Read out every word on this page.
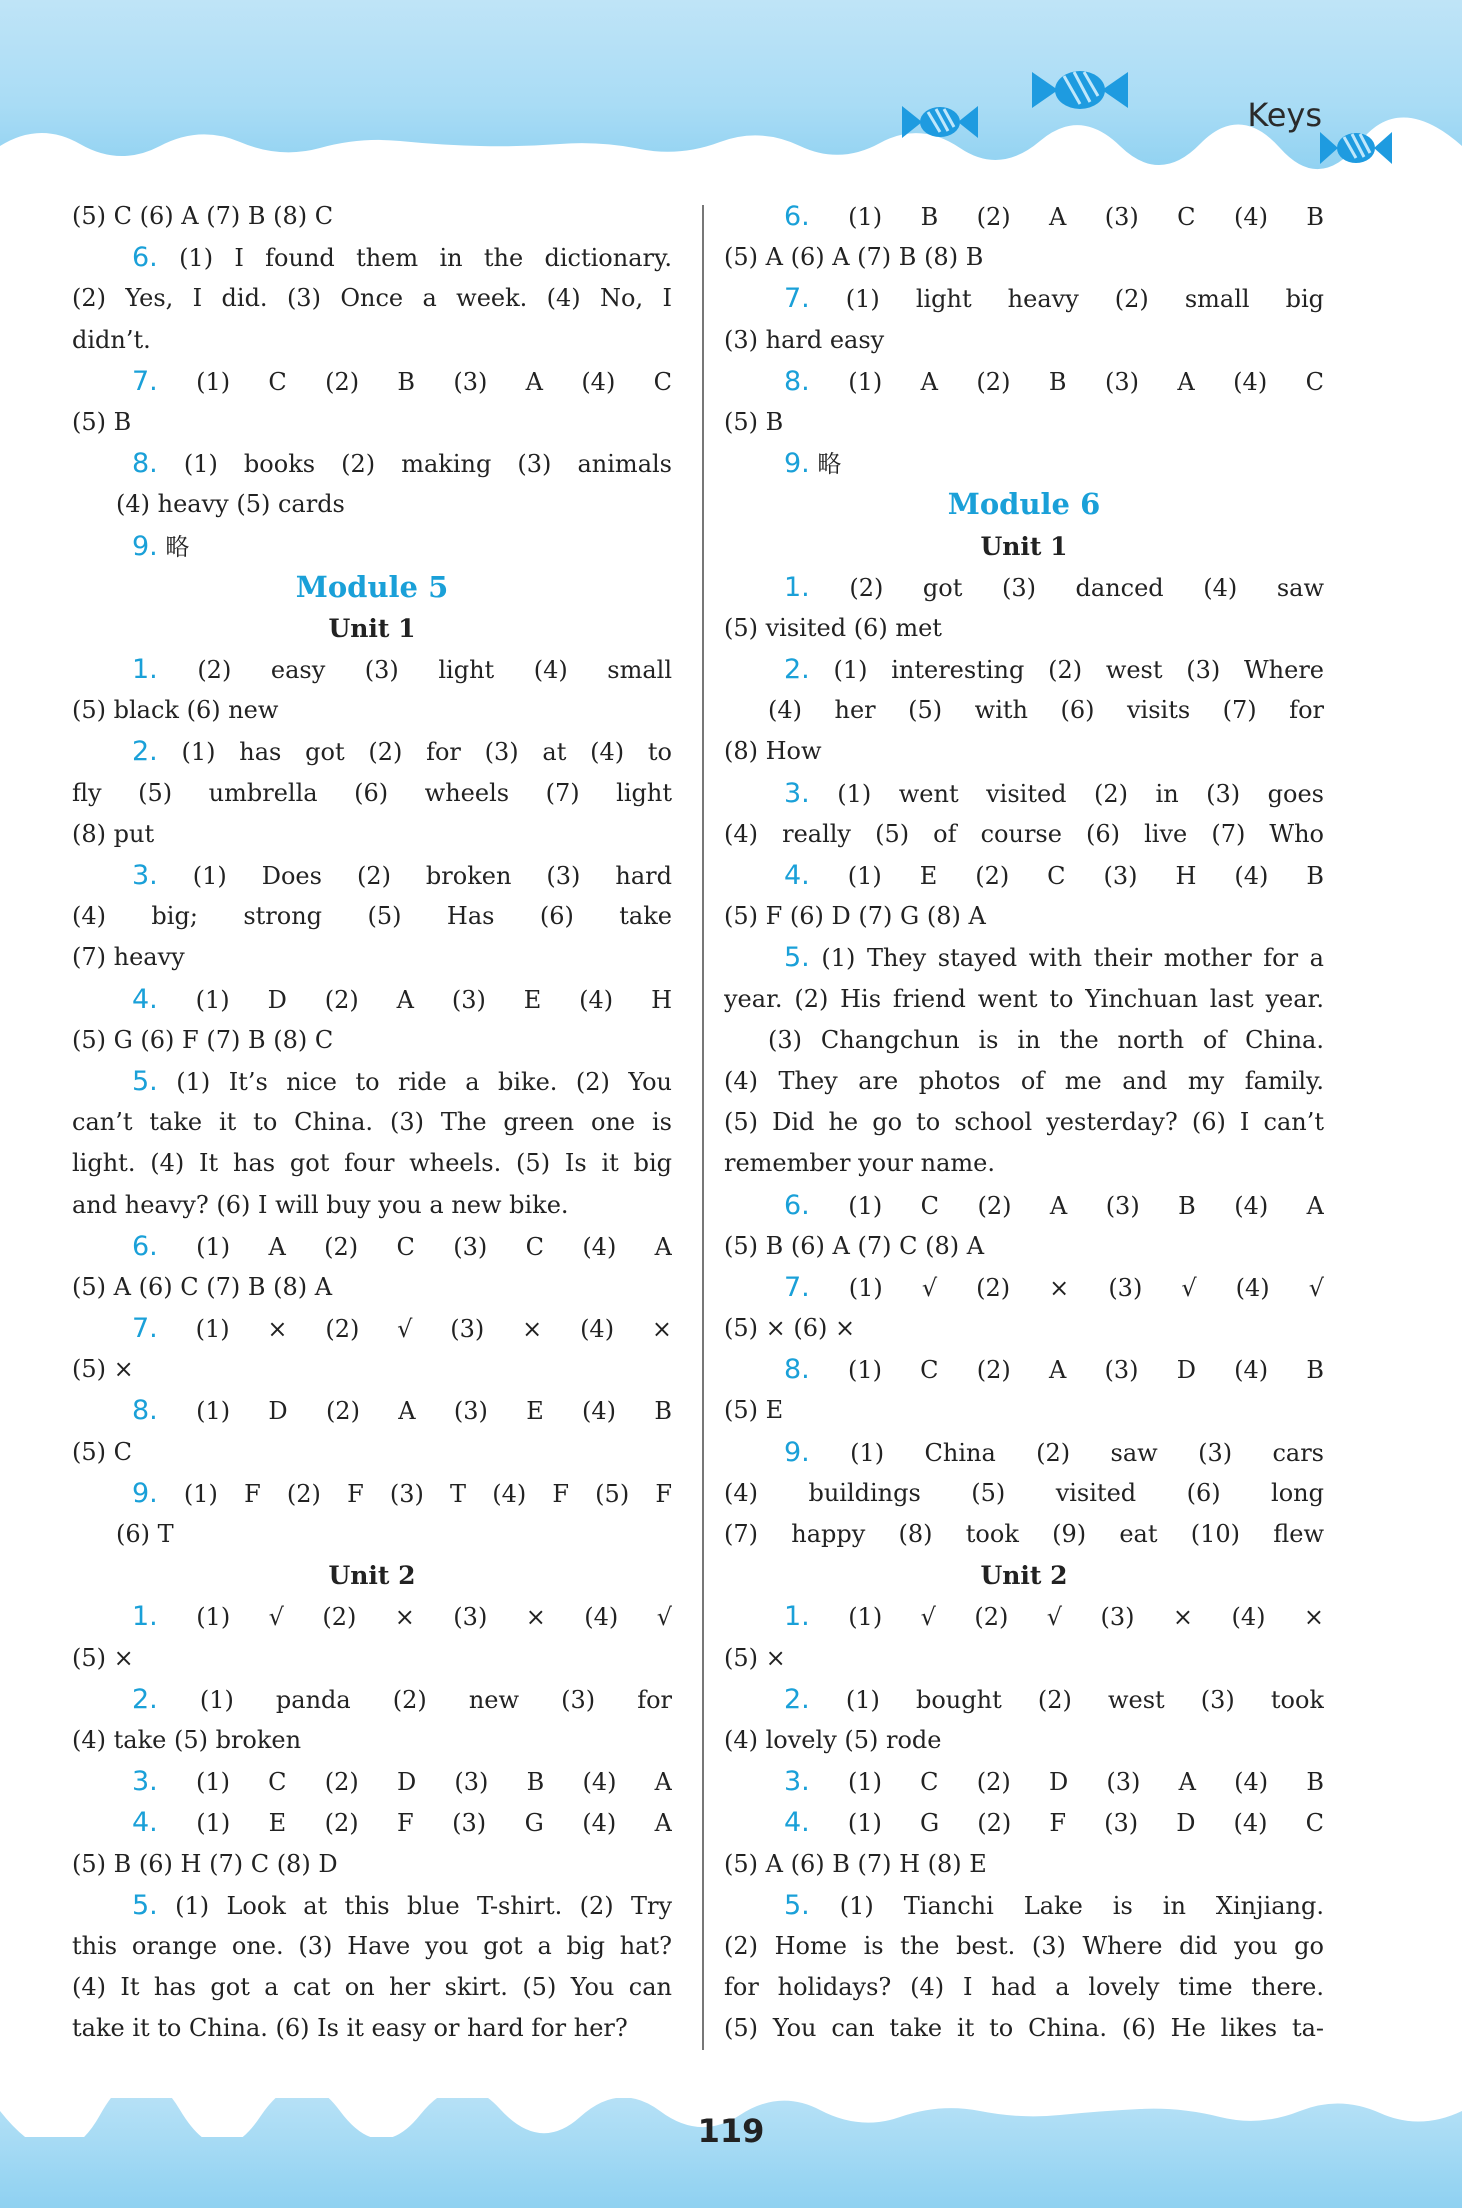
Keys
(5) C (6) A (7) B (8) C
6. (1) I found them in the dictionary.
(2) Yes, I did. (3) Once a week. (4) No, I
didn’t.
7. (1) C (2) B (3) A (4) C
(5) B
8. (1) books (2) making (3) animals
(4) heavy (5) cards
9. 略
Module 5
Unit 1
1. (2) easy (3) light (4) small
(5) black (6) new
2. (1) has got (2) for (3) at (4) to
fly (5) umbrella (6) wheels (7) light
(8) put
3. (1) Does (2) broken (3) hard
(4) big; strong (5) Has (6) take
(7) heavy
4. (1) D (2) A (3) E (4) H
(5) G (6) F (7) B (8) C
5. (1) It’s nice to ride a bike. (2) You
can’t take it to China. (3) The green one is
light. (4) It has got four wheels. (5) Is it big
and heavy? (6) I will buy you a new bike.
6. (1) A (2) C (3) C (4) A
(5) A (6) C (7) B (8) A
7. (1) × (2) √ (3) × (4) ×
(5) ×
8. (1) D (2) A (3) E (4) B
(5) C
9. (1) F (2) F (3) T (4) F (5) F
(6) T
Unit 2
1. (1) √ (2) × (3) × (4) √
(5) ×
2. (1) panda (2) new (3) for
(4) take (5) broken
3. (1) C (2) D (3) B (4) A
4. (1) E (2) F (3) G (4) A
(5) B (6) H (7) C (8) D
5. (1) Look at this blue T-shirt. (2) Try
this orange one. (3) Have you got a big hat?
(4) It has got a cat on her skirt. (5) You can
take it to China. (6) Is it easy or hard for her?
6. (1) B (2) A (3) C (4) B
(5) A (6) A (7) B (8) B
7. (1) light heavy (2) small big
(3) hard easy
8. (1) A (2) B (3) A (4) C
(5) B
9. 略
Module 6
Unit 1
1. (2) got (3) danced (4) saw
(5) visited (6) met
2. (1) interesting (2) west (3) Where
(4) her (5) with (6) visits (7) for
(8) How
3. (1) went visited (2) in (3) goes
(4) really (5) of course (6) live (7) Who
4. (1) E (2) C (3) H (4) B
(5) F (6) D (7) G (8) A
5. (1) They stayed with their mother for a
year. (2) His friend went to Yinchuan last year.
(3) Changchun is in the north of China.
(4) They are photos of me and my family.
(5) Did he go to school yesterday? (6) I can’t
remember your name.
6. (1) C (2) A (3) B (4) A
(5) B (6) A (7) C (8) A
7. (1) √ (2) × (3) √ (4) √
(5) × (6) ×
8. (1) C (2) A (3) D (4) B
(5) E
9. (1) China (2) saw (3) cars
(4) buildings (5) visited (6) long
(7) happy (8) took (9) eat (10) flew
Unit 2
1. (1) √ (2) √ (3) × (4) ×
(5) ×
2. (1) bought (2) west (3) took
(4) lovely (5) rode
3. (1) C (2) D (3) A (4) B
4. (1) G (2) F (3) D (4) C
(5) A (6) B (7) H (8) E
5. (1) Tianchi Lake is in Xinjiang.
(2) Home is the best. (3) Where did you go
for holidays? (4) I had a lovely time there.
(5) You can take it to China. (6) He likes ta-
119
